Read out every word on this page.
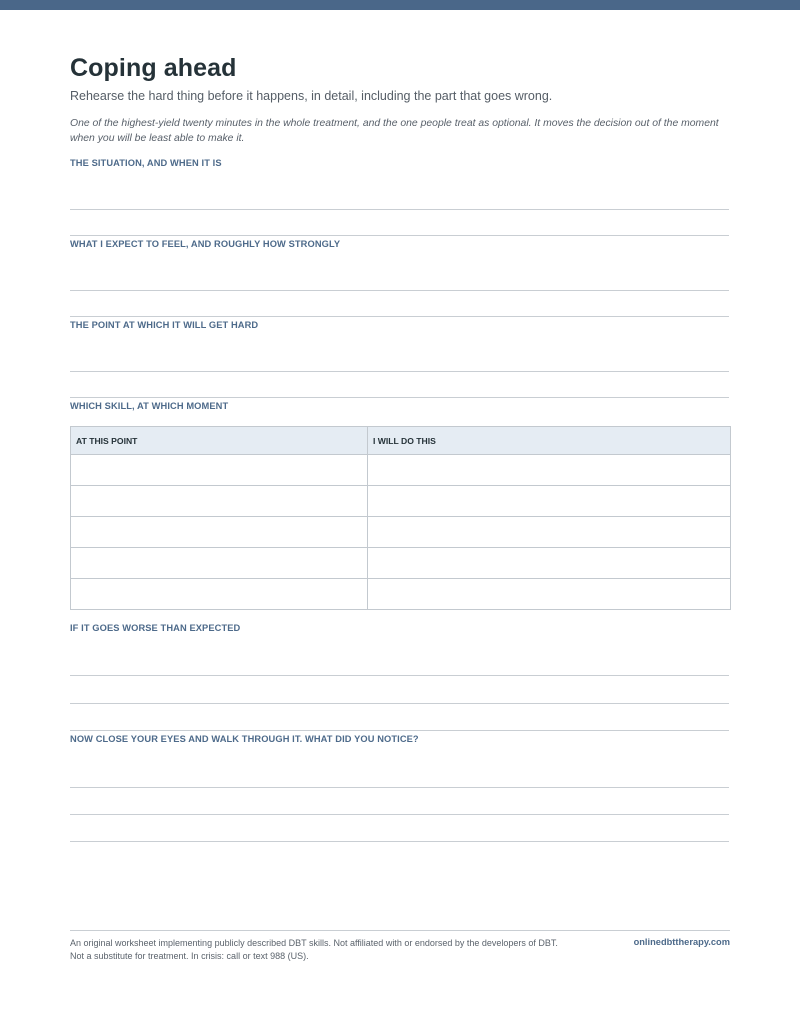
Coping ahead

Rehearse the hard thing before it happens, in detail, including the part that goes wrong.

One of the highest-yield twenty minutes in the whole treatment, and the one people treat as optional. It moves the decision out of the moment when you will be least able to make it.

THE SITUATION, AND WHEN IT IS

WHAT I EXPECT TO FEEL, AND ROUGHLY HOW STRONGLY

THE POINT AT WHICH IT WILL GET HARD

WHICH SKILL, AT WHICH MOMENT

AT THIS POINT	I WILL DO THIS

IF IT GOES WORSE THAN EXPECTED

NOW CLOSE YOUR EYES AND WALK THROUGH IT. WHAT DID YOU NOTICE?

An original worksheet implementing publicly described DBT skills. Not affiliated with or endorsed by the developers of DBT.
Not a substitute for treatment. In crisis: call or text 988 (US).
onlinedbttherapy.com
